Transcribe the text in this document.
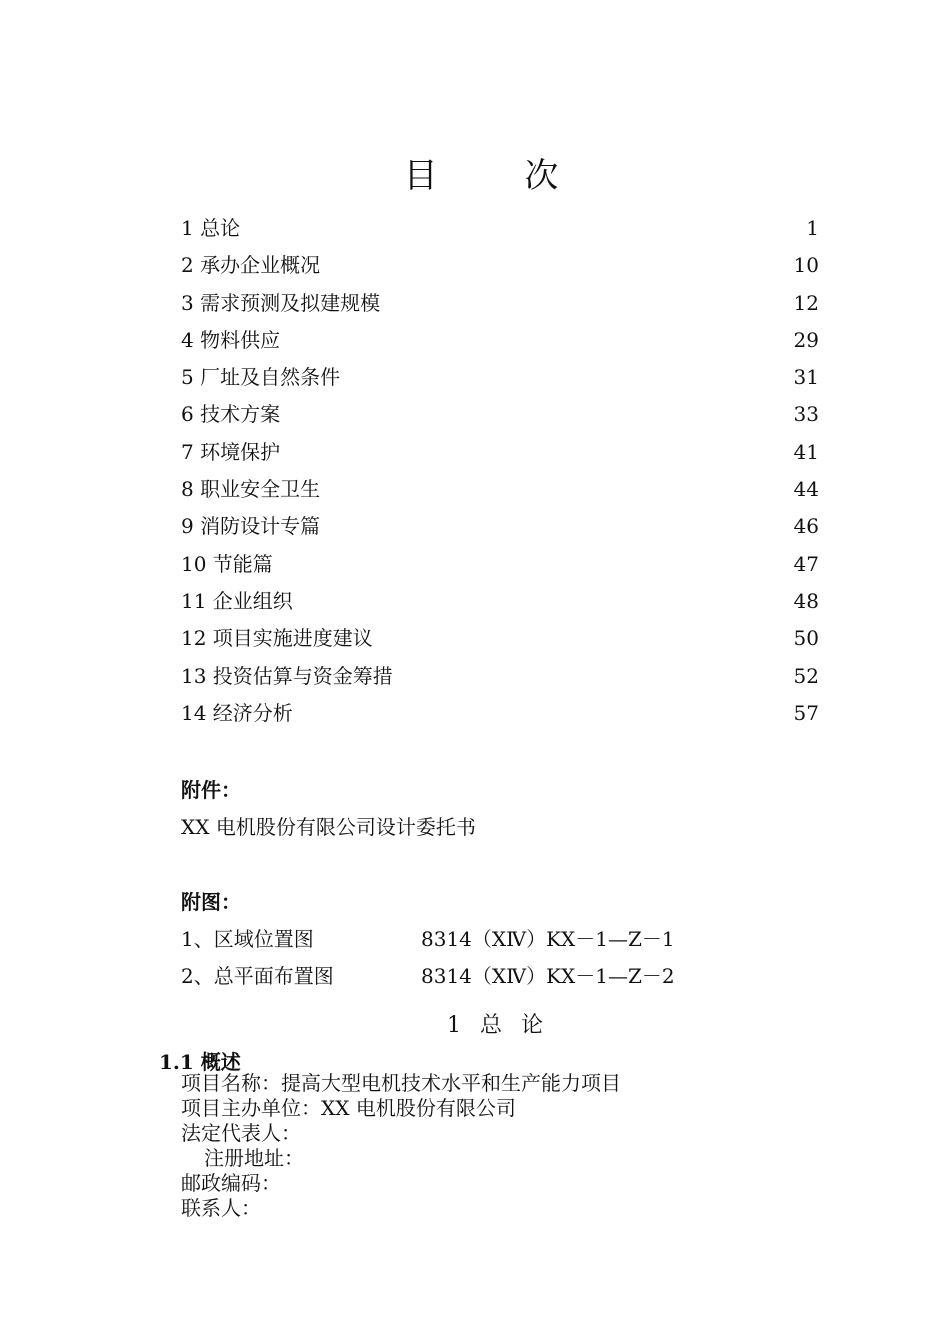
目 次
1 总论	1
2 承办企业概况	10
3 需求预测及拟建规模	12
4 物料供应	29
5 厂址及自然条件	31
6 技术方案	33
7 环境保护	41
8 职业安全卫生	44
9 消防设计专篇	46
10 节能篇	47
11 企业组织	48
12 项目实施进度建议	50
13 投资估算与资金筹措	52
14 经济分析	57
附件：
XX 电机股份有限公司设计委托书
附图：
1、区域位置图	8314（ⅩⅣ）KX－1—Z－1
2、总平面布置图	8314（ⅩⅣ）KX－1—Z－2
1 总 论
1.1 概述
项目名称：提高大型电机技术水平和生产能力项目
项目主办单位：XX 电机股份有限公司
法定代表人：
注册地址：
邮政编码：
联系人：
